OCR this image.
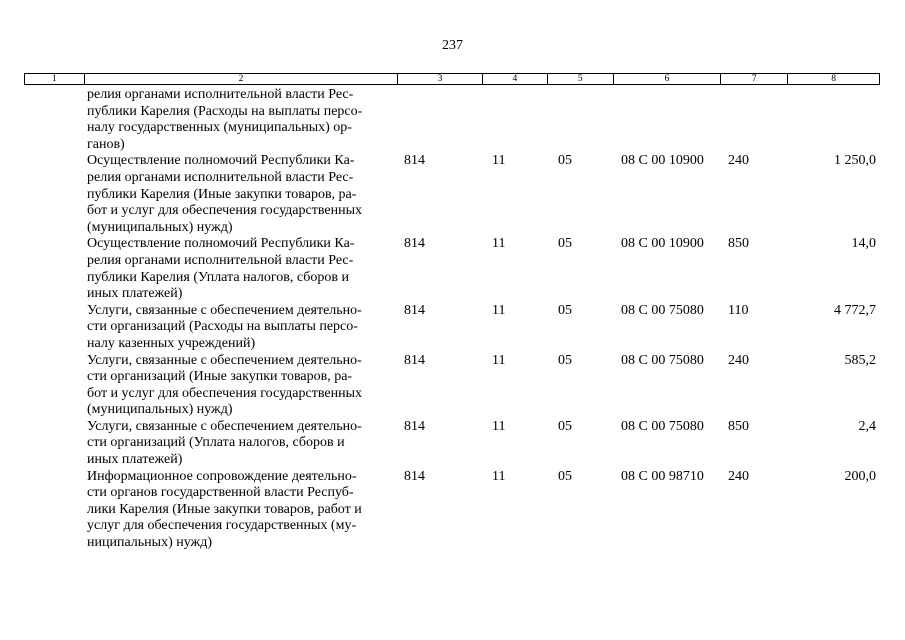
237
1	2	3	4	5	6	7	8
релия органами исполнительной власти Рес-
публики Карелия (Расходы на выплаты персо-
налу государственных (муниципальных) ор-
ганов)
Осуществление полномочий Республики Ка-
релия органами исполнительной власти Рес-
публики Карелия (Иные закупки товаров, ра-
бот и услуг для обеспечения государственных
(муниципальных) нужд)
814	11	05	08 С 00 10900	240	1 250,0
Осуществление полномочий Республики Ка-
релия органами исполнительной власти Рес-
публики Карелия (Уплата налогов, сборов и
иных платежей)
814	11	05	08 С 00 10900	850	14,0
Услуги, связанные с обеспечением деятельно-
сти организаций (Расходы на выплаты персо-
налу казенных учреждений)
814	11	05	08 С 00 75080	110	4 772,7
Услуги, связанные с обеспечением деятельно-
сти организаций (Иные закупки товаров, ра-
бот и услуг для обеспечения государственных
(муниципальных) нужд)
814	11	05	08 С 00 75080	240	585,2
Услуги, связанные с обеспечением деятельно-
сти организаций (Уплата налогов, сборов и
иных платежей)
814	11	05	08 С 00 75080	850	2,4
Информационное сопровождение деятельно-
сти органов государственной власти Респуб-
лики Карелия (Иные закупки товаров, работ и
услуг для обеспечения государственных (му-
ниципальных) нужд)
814	11	05	08 С 00 98710	240	200,0
